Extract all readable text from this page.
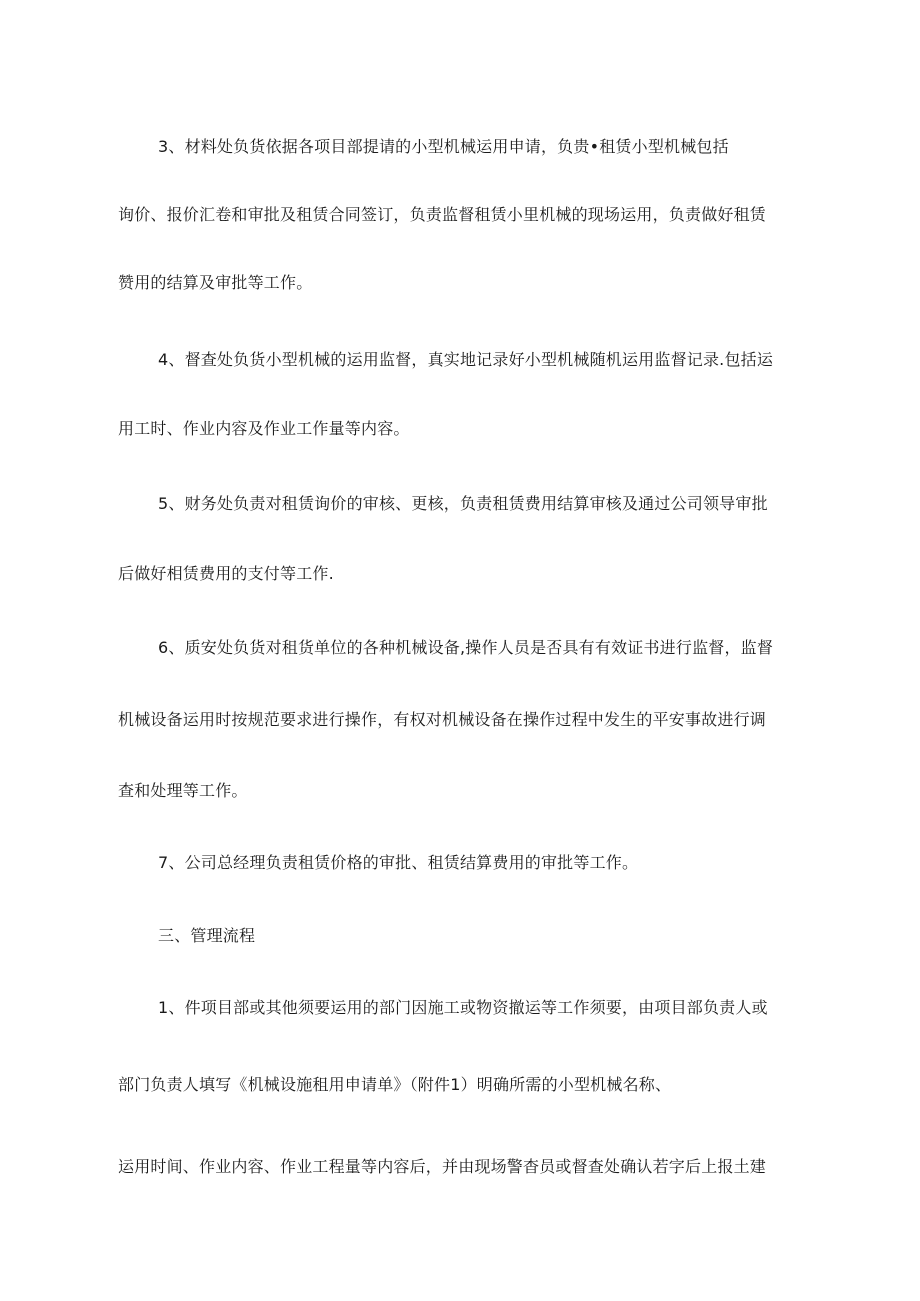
3、材料处负货依据各项目部提请的小型机械运用申请，负贵•租赁小型机械包括
询价、报价汇卷和审批及租赁合同签订，负责监督租赁小里机械的现场运用，负责做好租赁
赞用的结算及审批等工作。
4、督查处负货小型机械的运用监督，真实地记录好小型机械随机运用监督记录.包括运
用工时、作业内容及作业工作量等内容。
5、财务处负责对租赁询价的审核、更核，负责租赁费用结算审核及通过公司领导审批
后做好相赁费用的支付等工作.
6、质安处负货对租货单位的各种机械设备,操作人员是否具有有效证书进行监督，监督
机械设备运用时按规范要求进行操作，有权对机械设备在操作过程中发生的平安事故进行调
查和处理等工作。
7、公司总经理负责租赁价格的审批、租赁结算费用的审批等工作。
三、管理流程
1、件项目部或其他须要运用的部门因施工或物资撤运等工作须要，由项目部负责人或
部门负责人填写《机械设施租用申请单》（附件1）明确所需的小型机械名称、
运用时间、作业内容、作业工程量等内容后，并由现场警杳员或督查处确认若字后上报土建
